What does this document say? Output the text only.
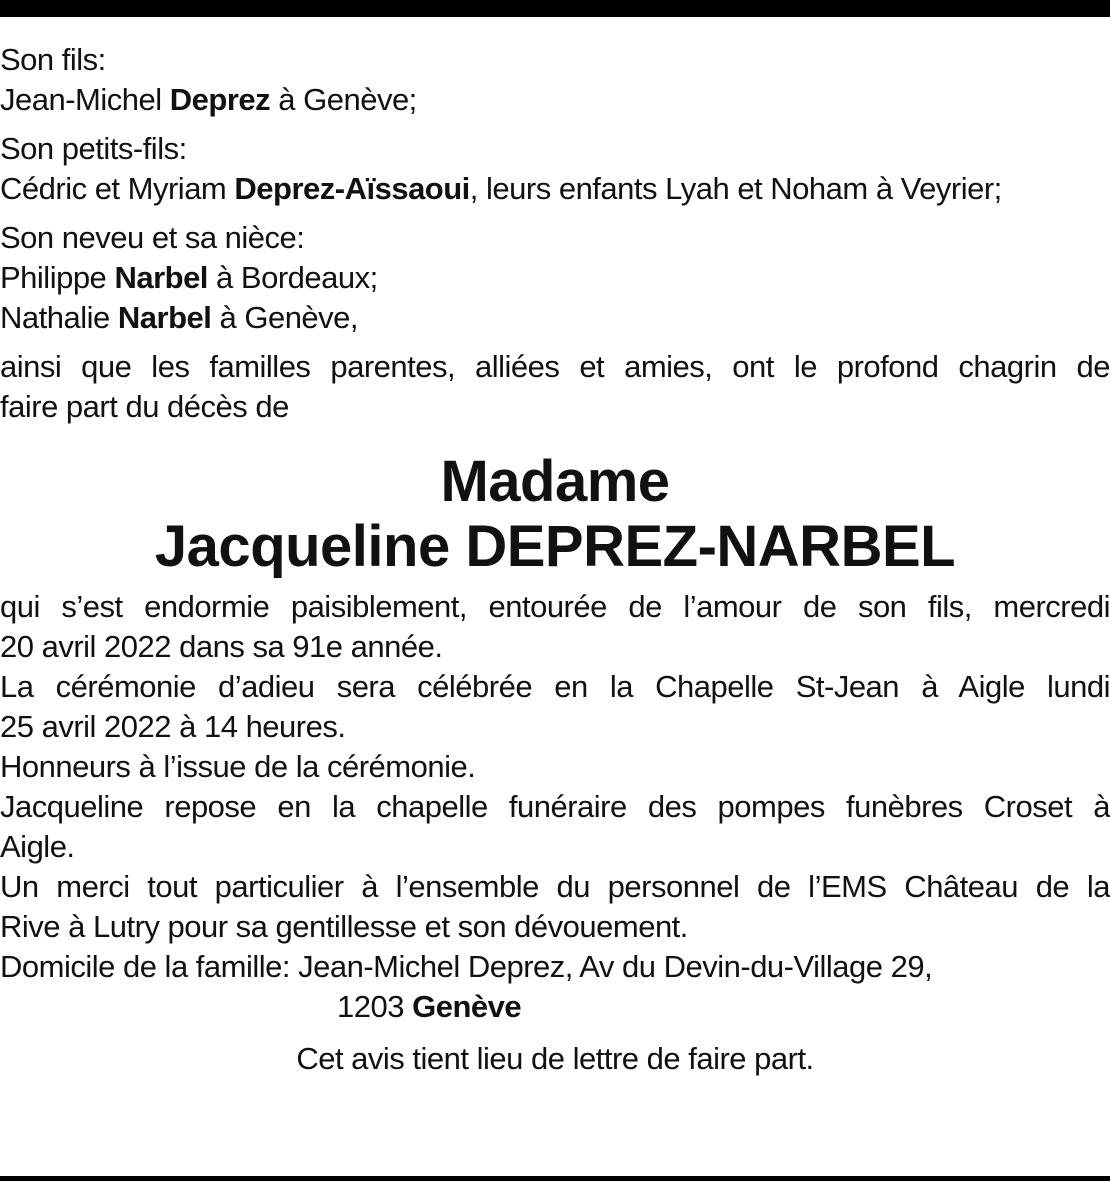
Son fils:
Jean-Michel Deprez à Genève;
Son petits-fils:
Cédric et Myriam Deprez-Aïssaoui, leurs enfants Lyah et Noham à Veyrier;
Son neveu et sa nièce:
Philippe Narbel à Bordeaux;
Nathalie Narbel à Genève,
ainsi que les familles parentes, alliées et amies, ont le profond chagrin de
faire part du décès de
Madame
Jacqueline DEPREZ-NARBEL
qui s’est endormie paisiblement, entourée de l’amour de son fils, mercredi
20 avril 2022 dans sa 91e année.
La cérémonie d’adieu sera célébrée en la Chapelle St-Jean à Aigle lundi
25 avril 2022 à 14 heures.
Honneurs à l’issue de la cérémonie.
Jacqueline repose en la chapelle funéraire des pompes funèbres Croset à
Aigle.
Un merci tout particulier à l’ensemble du personnel de l’EMS Château de la
Rive à Lutry pour sa gentillesse et son dévouement.
Domicile de la famille: Jean-Michel Deprez, Av du Devin-du-Village 29,
1203 Genève
Cet avis tient lieu de lettre de faire part.
